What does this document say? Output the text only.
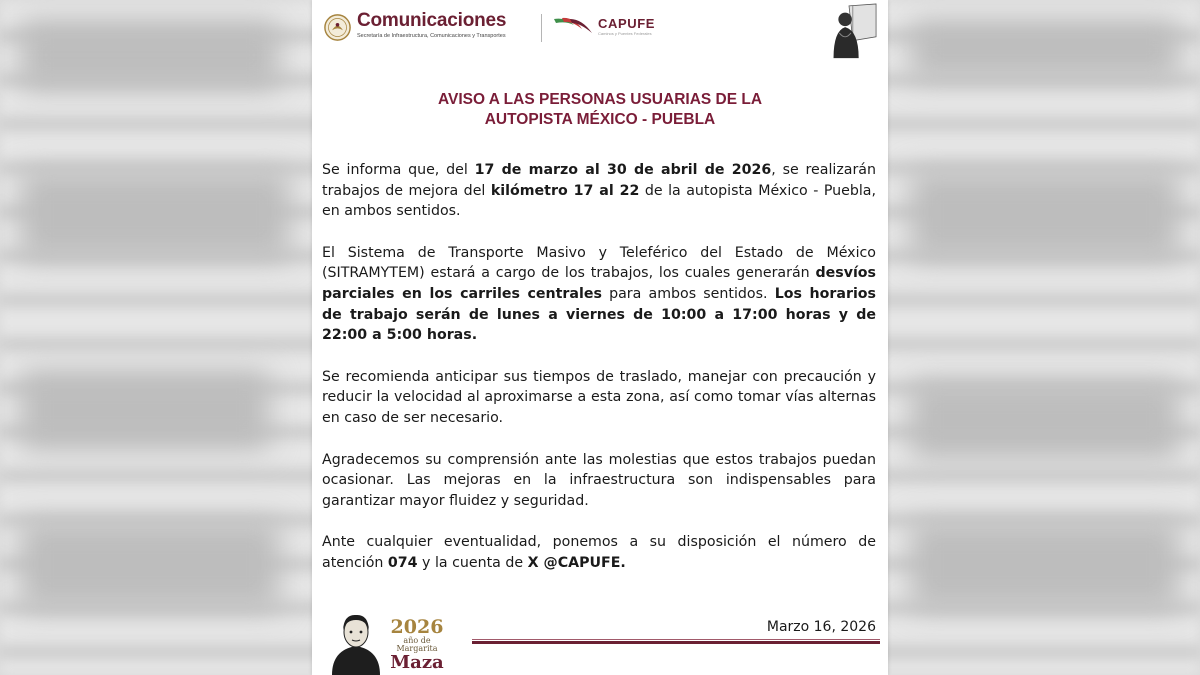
Comunicaciones
Secretaría de Infraestructura, Comunicaciones y Transportes
CAPUFE
Caminos y Puentes Federales
AVISO A LAS PERSONAS USUARIAS DE LA
AUTOPISTA MÉXICO - PUEBLA

Se informa que, del 17 de marzo al 30 de abril de 2026, se realizarán trabajos de mejora del kilómetro 17 al 22 de la autopista México - Puebla, en ambos sentidos.

El Sistema de Transporte Masivo y Teleférico del Estado de México (SITRAMYTEM) estará a cargo de los trabajos, los cuales generarán desvíos parciales en los carriles centrales para ambos sentidos. Los horarios de trabajo serán de lunes a viernes de 10:00 a 17:00 horas y de 22:00 a 5:00 horas.

Se recomienda anticipar sus tiempos de traslado, manejar con precaución y reducir la velocidad al aproximarse a esta zona, así como tomar vías alternas en caso de ser necesario.

Agradecemos su comprensión ante las molestias que estos trabajos puedan ocasionar. Las mejoras en la infraestructura son indispensables para garantizar mayor fluidez y seguridad.

Ante cualquier eventualidad, ponemos a su disposición el número de atención 074 y la cuenta de X @CAPUFE.

2026
año de
Margarita
Maza
Marzo 16, 2026
